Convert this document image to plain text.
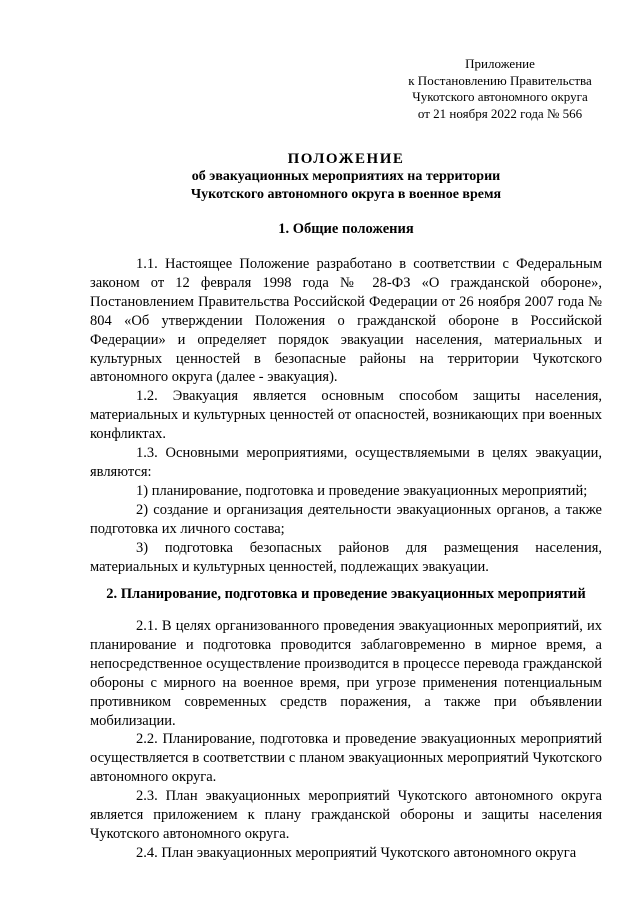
Приложение
к Постановлению Правительства
Чукотского автономного округа
от 21 ноября 2022 года № 566
ПОЛОЖЕНИЕ
об эвакуационных мероприятиях на территории
Чукотского автономного округа в военное время
1. Общие положения

1.1. Настоящее Положение разработано в соответствии с Федеральным законом от 12 февраля 1998 года № 28-ФЗ «О гражданской обороне», Постановлением Правительства Российской Федерации от 26 ноября 2007 года № 804 «Об утверждении Положения о гражданской обороне в Российской Федерации» и определяет порядок эвакуации населения, материальных и культурных ценностей в безопасные районы на территории Чукотского автономного округа (далее - эвакуация).

1.2. Эвакуация является основным способом защиты населения, материальных и культурных ценностей от опасностей, возникающих при военных конфликтах.

1.3. Основными мероприятиями, осуществляемыми в целях эвакуации, являются:

1) планирование, подготовка и проведение эвакуационных мероприятий;

2) создание и организация деятельности эвакуационных органов, а также подготовка их личного состава;

3) подготовка безопасных районов для размещения населения, материальных и культурных ценностей, подлежащих эвакуации.

2. Планирование, подготовка и проведение эвакуационных мероприятий

2.1. В целях организованного проведения эвакуационных мероприятий, их планирование и подготовка проводится заблаговременно в мирное время, а непосредственное осуществление производится в процессе перевода гражданской обороны с мирного на военное время, при угрозе применения потенциальным противником современных средств поражения, а также при объявлении мобилизации.

2.2. Планирование, подготовка и проведение эвакуационных мероприятий осуществляется в соответствии с планом эвакуационных мероприятий Чукотского автономного округа.

2.3. План эвакуационных мероприятий Чукотского автономного округа является приложением к плану гражданской обороны и защиты населения Чукотского автономного округа.

2.4. План эвакуационных мероприятий Чукотского автономного округа
